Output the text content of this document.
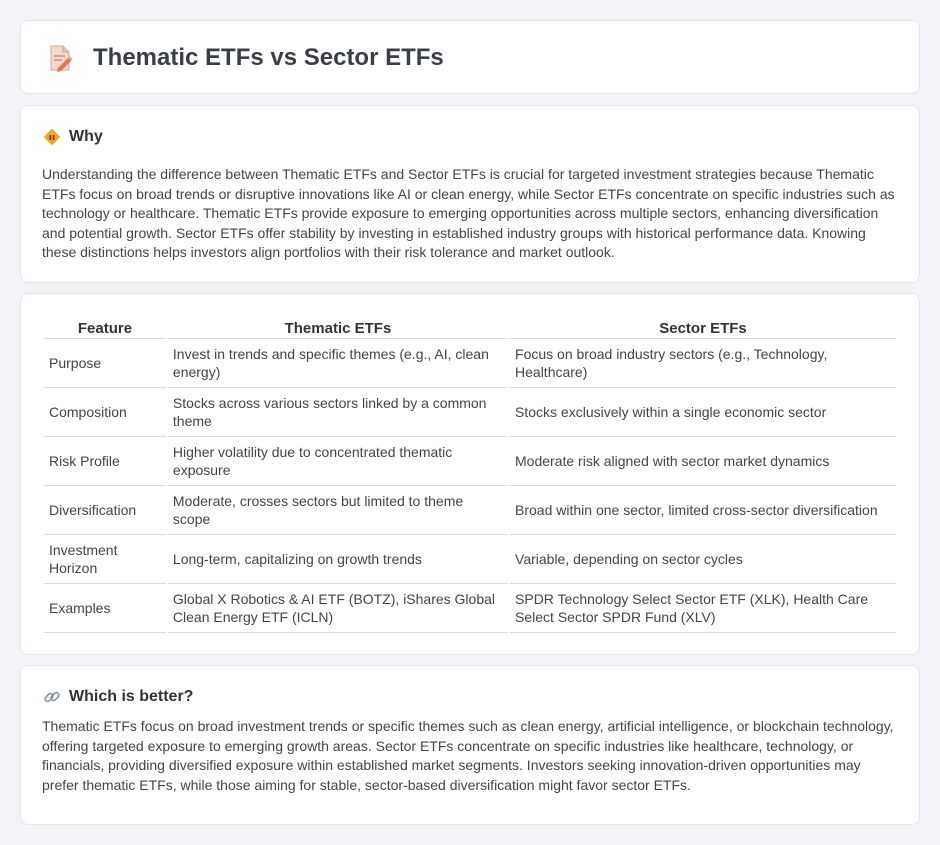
Thematic ETFs vs Sector ETFs
Why

Understanding the difference between Thematic ETFs and Sector ETFs is crucial for targeted investment strategies because Thematic ETFs focus on broad trends or disruptive innovations like AI or clean energy, while Sector ETFs concentrate on specific industries such as technology or healthcare. Thematic ETFs provide exposure to emerging opportunities across multiple sectors, enhancing diversification and potential growth. Sector ETFs offer stability by investing in established industry groups with historical performance data. Knowing these distinctions helps investors align portfolios with their risk tolerance and market outlook.

Feature	Thematic ETFs	Sector ETFs
Purpose	Invest in trends and specific themes (e.g., AI, clean energy)	Focus on broad industry sectors (e.g., Technology, Healthcare)
Composition	Stocks across various sectors linked by a common theme	Stocks exclusively within a single economic sector
Risk Profile	Higher volatility due to concentrated thematic exposure	Moderate risk aligned with sector market dynamics
Diversification	Moderate, crosses sectors but limited to theme scope	Broad within one sector, limited cross-sector diversification
Investment Horizon	Long-term, capitalizing on growth trends	Variable, depending on sector cycles
Examples	Global X Robotics & AI ETF (BOTZ), iShares Global Clean Energy ETF (ICLN)	SPDR Technology Select Sector ETF (XLK), Health Care Select Sector SPDR Fund (XLV)
Which is better?

Thematic ETFs focus on broad investment trends or specific themes such as clean energy, artificial intelligence, or blockchain technology, offering targeted exposure to emerging growth areas. Sector ETFs concentrate on specific industries like healthcare, technology, or financials, providing diversified exposure within established market segments. Investors seeking innovation-driven opportunities may prefer thematic ETFs, while those aiming for stable, sector-based diversification might favor sector ETFs.
